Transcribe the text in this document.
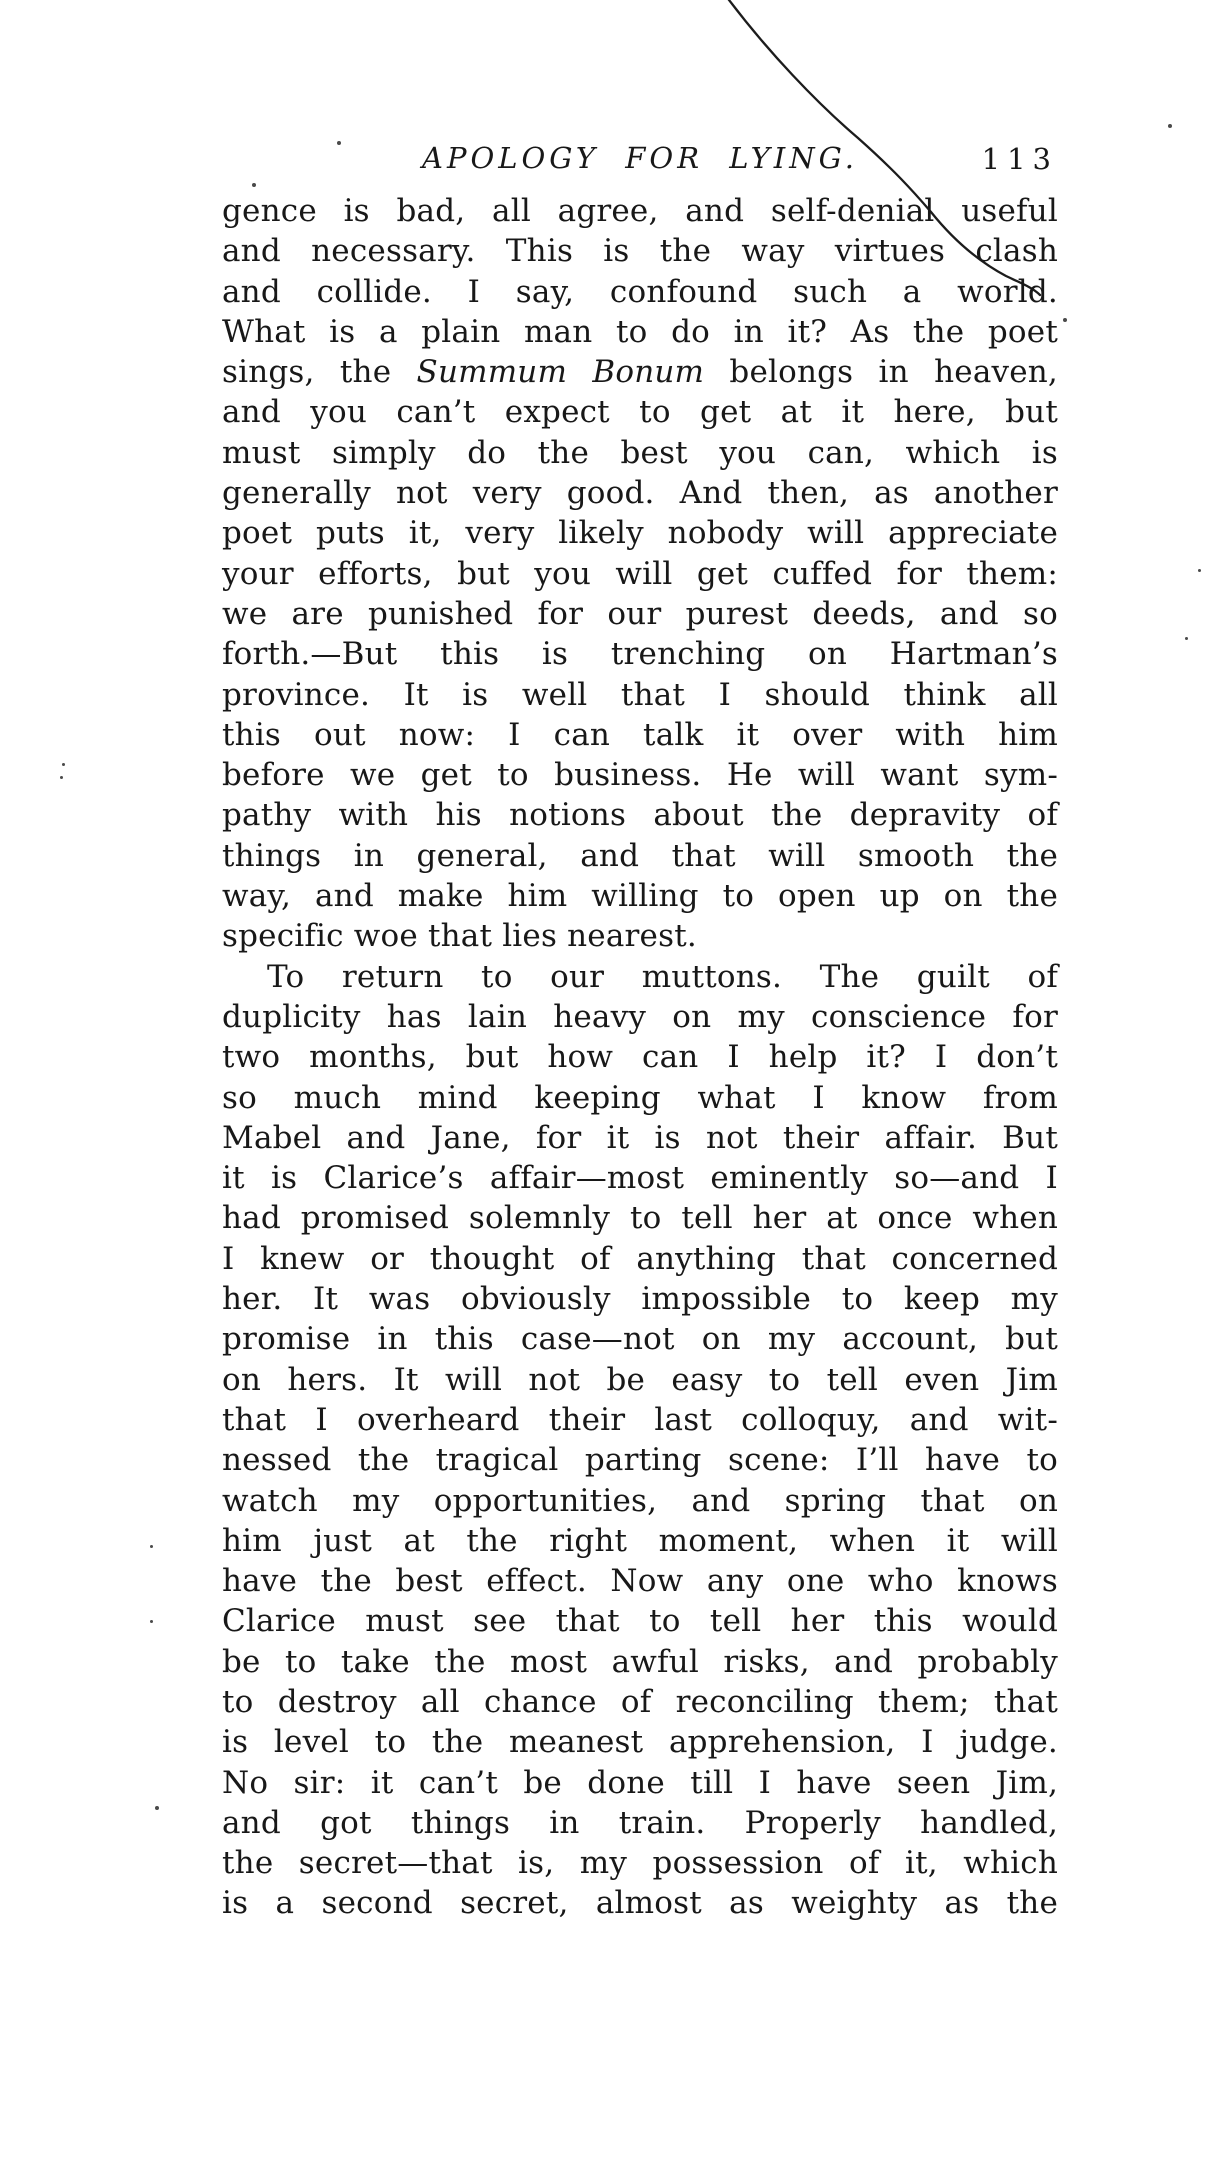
APOLOGY FOR LYING.	113
gence is bad, all agree, and self-denial useful
and necessary. This is the way virtues clash
and collide. I say, confound such a world.
What is a plain man to do in it? As the poet
sings, the Summum Bonum belongs in heaven,
and you can’t expect to get at it here, but
must simply do the best you can, which is
generally not very good. And then, as another
poet puts it, very likely nobody will appreciate
your efforts, but you will get cuffed for them:
we are punished for our purest deeds, and so
forth.—But this is trenching on Hartman’s
province. It is well that I should think all
this out now: I can talk it over with him
before we get to business. He will want sym-
pathy with his notions about the depravity of
things in general, and that will smooth the
way, and make him willing to open up on the
specific woe that lies nearest.
To return to our muttons. The guilt of
duplicity has lain heavy on my conscience for
two months, but how can I help it? I don’t
so much mind keeping what I know from
Mabel and Jane, for it is not their affair. But
it is Clarice’s affair—most eminently so—and I
had promised solemnly to tell her at once when
I knew or thought of anything that concerned
her. It was obviously impossible to keep my
promise in this case—not on my account, but
on hers. It will not be easy to tell even Jim
that I overheard their last colloquy, and wit-
nessed the tragical parting scene: I’ll have to
watch my opportunities, and spring that on
him just at the right moment, when it will
have the best effect. Now any one who knows
Clarice must see that to tell her this would
be to take the most awful risks, and probably
to destroy all chance of reconciling them; that
is level to the meanest apprehension, I judge.
No sir: it can’t be done till I have seen Jim,
and got things in train. Properly handled,
the secret—that is, my possession of it, which
is a second secret, almost as weighty as the
